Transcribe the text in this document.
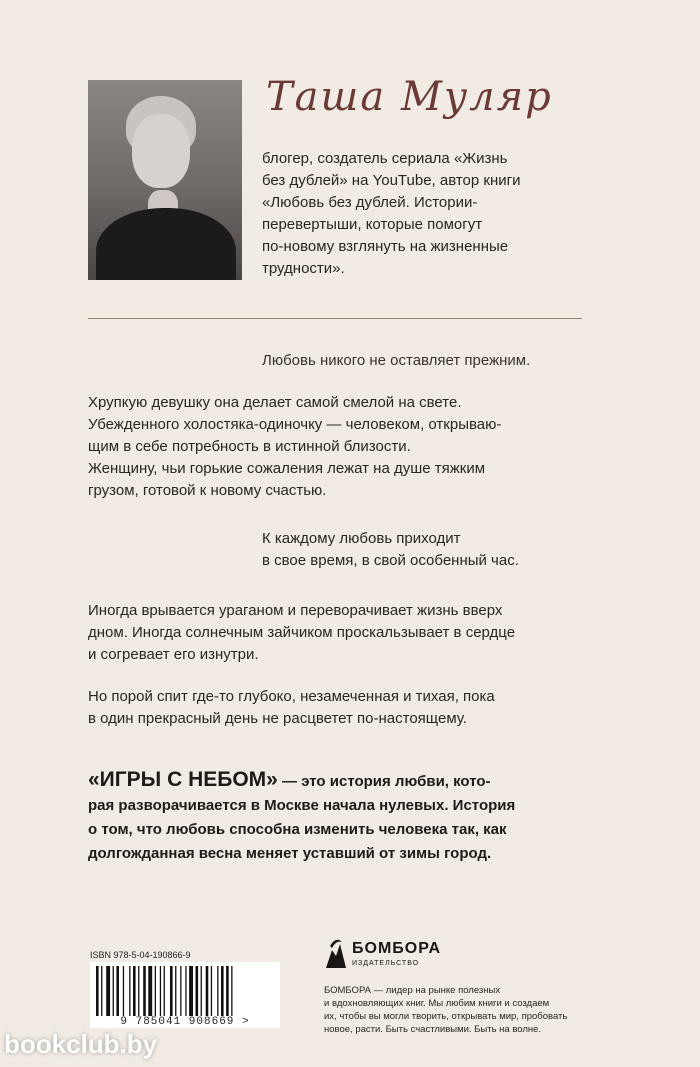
Таша Муляр
блогер, создатель сериала «Жизнь
без дублей» на YouTube, автор книги
«Любовь без дублей. Истории-
перевертыши, которые помогут
по-новому взглянуть на жизненные
трудности».
Любовь никого не оставляет прежним.
Хрупкую девушку она делает самой смелой на свете.
Убежденного холостяка-одиночку — человеком, открываю-
щим в себе потребность в истинной близости.
Женщину, чьи горькие сожаления лежат на душе тяжким
грузом, готовой к новому счастью.
К каждому любовь приходит
в свое время, в свой особенный час.
Иногда врывается ураганом и переворачивает жизнь вверх
дном. Иногда солнечным зайчиком проскальзывает в сердце
и согревает его изнутри.
Но порой спит где-то глубоко, незамеченная и тихая, пока
в один прекрасный день не расцветет по-настоящему.
«ИГРЫ С НЕБОМ» — это история любви, кото-
рая разворачивается в Москве начала нулевых. История
о том, что любовь способна изменить человека так, как
долгожданная весна меняет уставший от зимы город.
ISBN 978-5-04-190866-9
9 785041 908669 >
БОМБОРА
ИЗДАТЕЛЬСТВО
БОМБОРА — лидер на рынке полезных
и вдохновляющих книг. Мы любим книги и создаем
их, чтобы вы могли творить, открывать мир, пробовать
новое, расти. Быть счастливыми. Быть на волне.
bookclub.by
